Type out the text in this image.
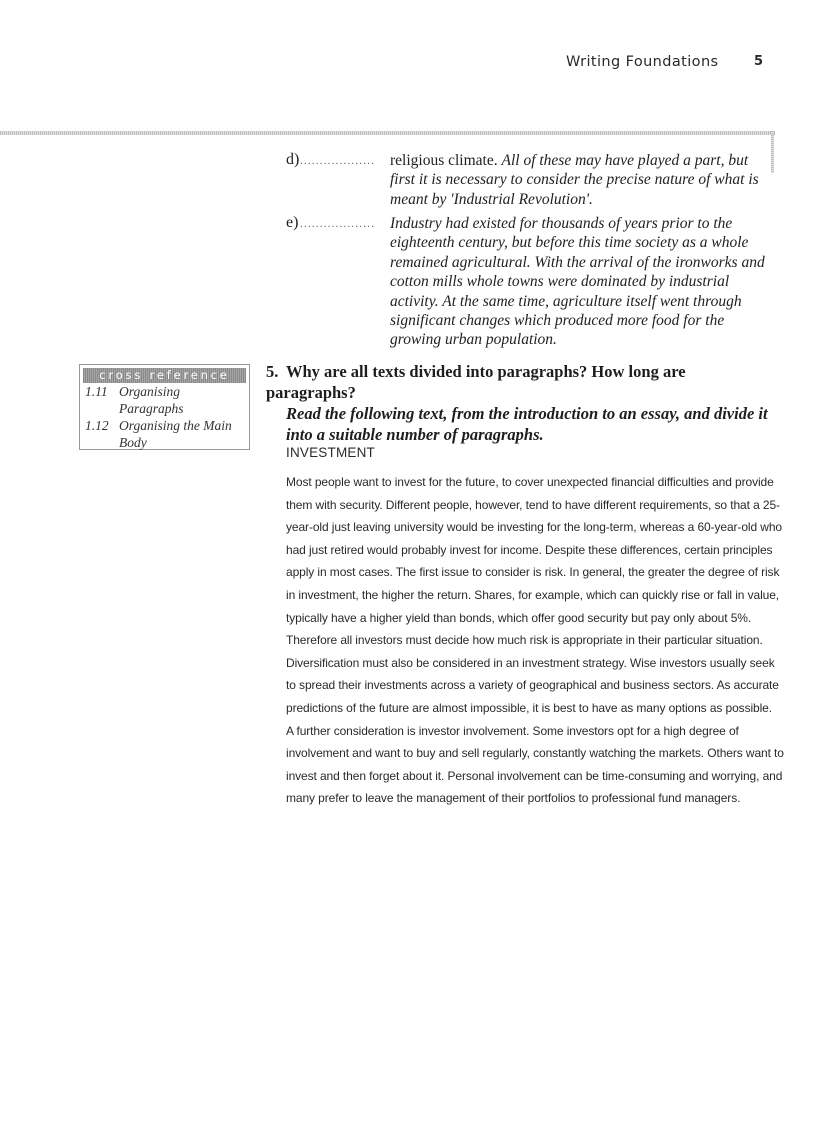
Writing Foundations	5
d) ................... religious climate. All of these may have played a part, but first it is necessary to consider the precise nature of what is meant by 'Industrial Revolution'.
e) ................... Industry had existed for thousands of years prior to the eighteenth century, but before this time society as a whole remained agricultural. With the arrival of the ironworks and cotton mills whole towns were dominated by industrial activity. At the same time, agriculture itself went through significant changes which produced more food for the growing urban population.
cross reference
1.11 Organising Paragraphs
1.12 Organising the Main Body
5. Why are all texts divided into paragraphs? How long are paragraphs?
Read the following text, from the introduction to an essay, and divide it into a suitable number of paragraphs.
INVESTMENT
Most people want to invest for the future, to cover unexpected financial difficulties and provide
them with security. Different people, however, tend to have different requirements, so that a 25-
year-old just leaving university would be investing for the long-term, whereas a 60-year-old who
had just retired would probably invest for income. Despite these differences, certain principles
apply in most cases. The first issue to consider is risk. In general, the greater the degree of risk
in investment, the higher the return. Shares, for example, which can quickly rise or fall in value,
typically have a higher yield than bonds, which offer good security but pay only about 5%.
Therefore all investors must decide how much risk is appropriate in their particular situation.
Diversification must also be considered in an investment strategy. Wise investors usually seek
to spread their investments across a variety of geographical and business sectors. As accurate
predictions of the future are almost impossible, it is best to have as many options as possible.
A further consideration is investor involvement. Some investors opt for a high degree of
involvement and want to buy and sell regularly, constantly watching the markets. Others want to
invest and then forget about it. Personal involvement can be time-consuming and worrying, and
many prefer to leave the management of their portfolios to professional fund managers.
